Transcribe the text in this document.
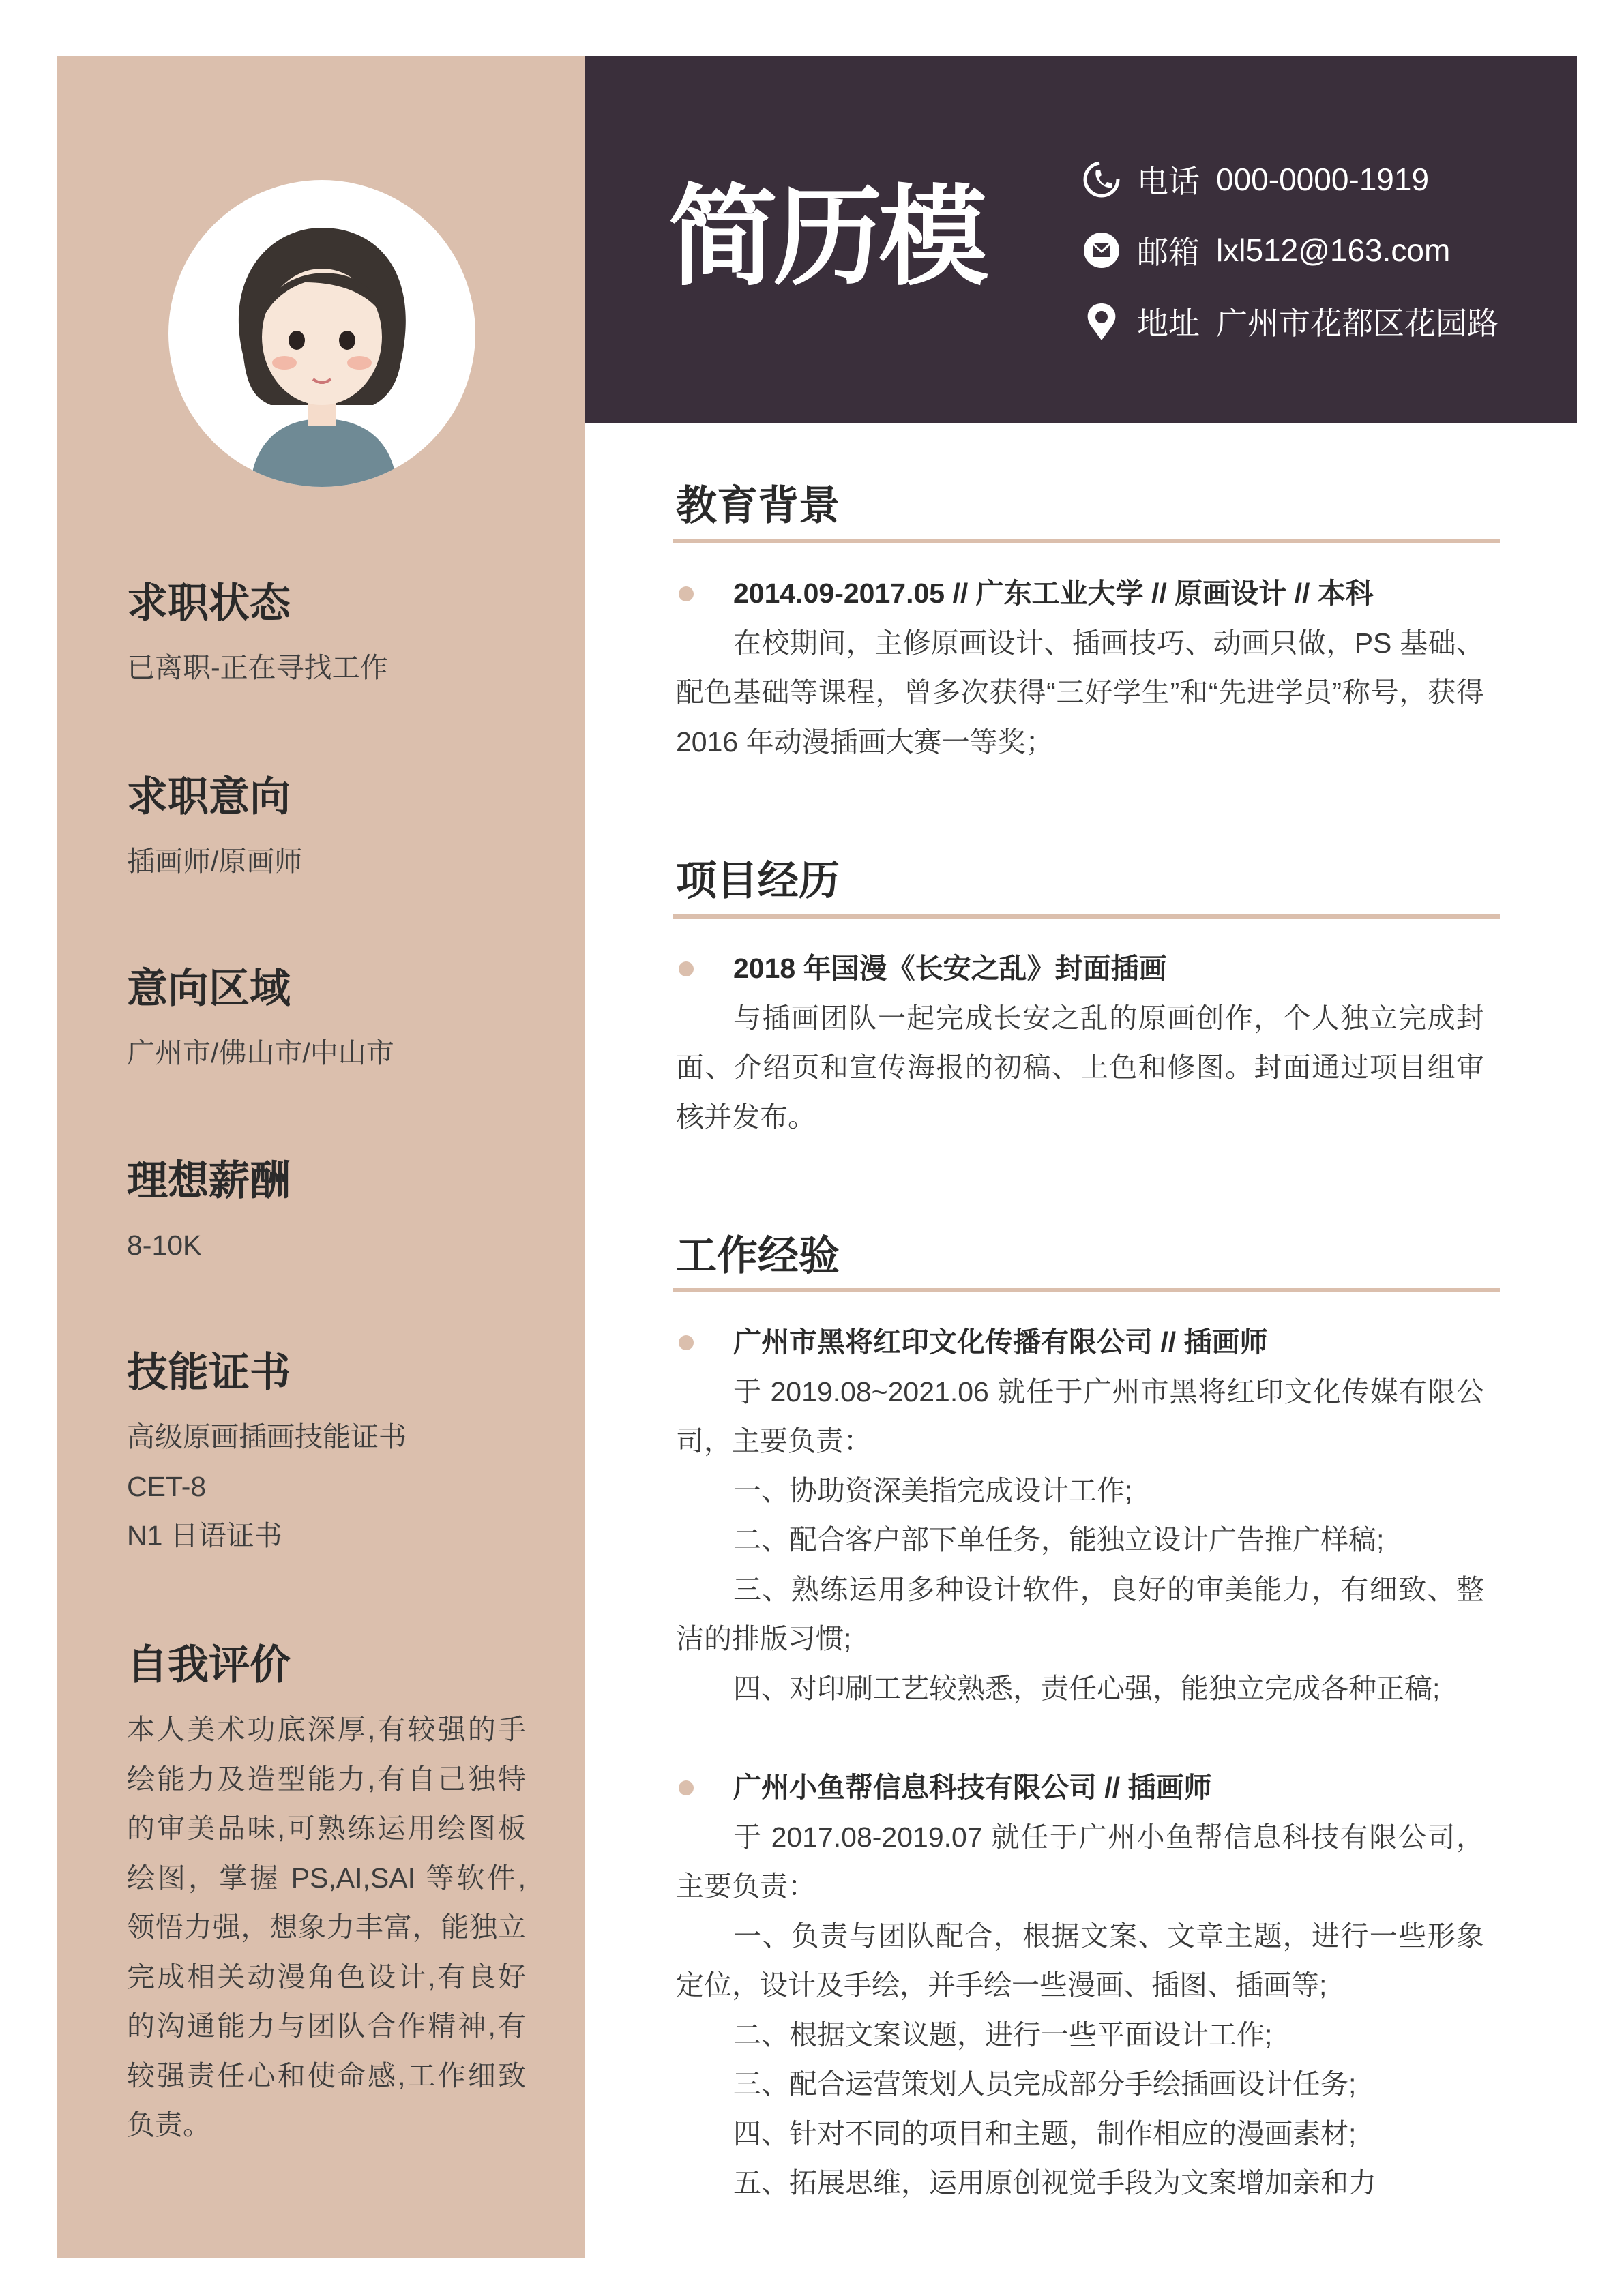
简历模	电话 000-0000-1919
邮箱 lxl512@163.com
地址 广州市花都区花园路
求职状态
已离职-正在寻找工作
求职意向
插画师/原画师
意向区域
广州市/佛山市/中山市
理想薪酬
8-10K
技能证书
高级原画插画技能证书
CET-8
N1 日语证书
自我评价
本人美术功底深厚,有较强的手绘能力及造型能力,有自己独特的审美品味,可熟练运用绘图板绘图，掌握 PS,AI,SAI 等软件,领悟力强，想象力丰富，能独立完成相关动漫角色设计,有良好的沟通能力与团队合作精神,有较强责任心和使命感,工作细致负责。
教育背景
2014.09-2017.05 // 广东工业大学 // 原画设计 // 本科

在校期间，主修原画设计、插画技巧、动画只做，PS 基础、配色基础等课程，曾多次获得“三好学生”和“先进学员”称号，获得 2016 年动漫插画大赛一等奖；

项目经历
2018 年国漫《长安之乱》封面插画

与插画团队一起完成长安之乱的原画创作，个人独立完成封面、介绍页和宣传海报的初稿、上色和修图。封面通过项目组审核并发布。

工作经验
广州市黑将红印文化传播有限公司 // 插画师

于 2019.08~2021.06 就任于广州市黑将红印文化传媒有限公司，主要负责：

一、协助资深美指完成设计工作;

二、配合客户部下单任务，能独立设计广告推广样稿;

三、熟练运用多种设计软件，良好的审美能力，有细致、整洁的排版习惯;

四、对印刷工艺较熟悉，责任心强，能独立完成各种正稿;

广州小鱼帮信息科技有限公司 // 插画师

于 2017.08-2019.07 就任于广州小鱼帮信息科技有限公司，主要负责：

一、负责与团队配合，根据文案、文章主题，进行一些形象定位，设计及手绘，并手绘一些漫画、插图、插画等;

二、根据文案议题，进行一些平面设计工作;

三、配合运营策划人员完成部分手绘插画设计任务;

四、针对不同的项目和主题，制作相应的漫画素材;

五、拓展思维，运用原创视觉手段为文案增加亲和力
